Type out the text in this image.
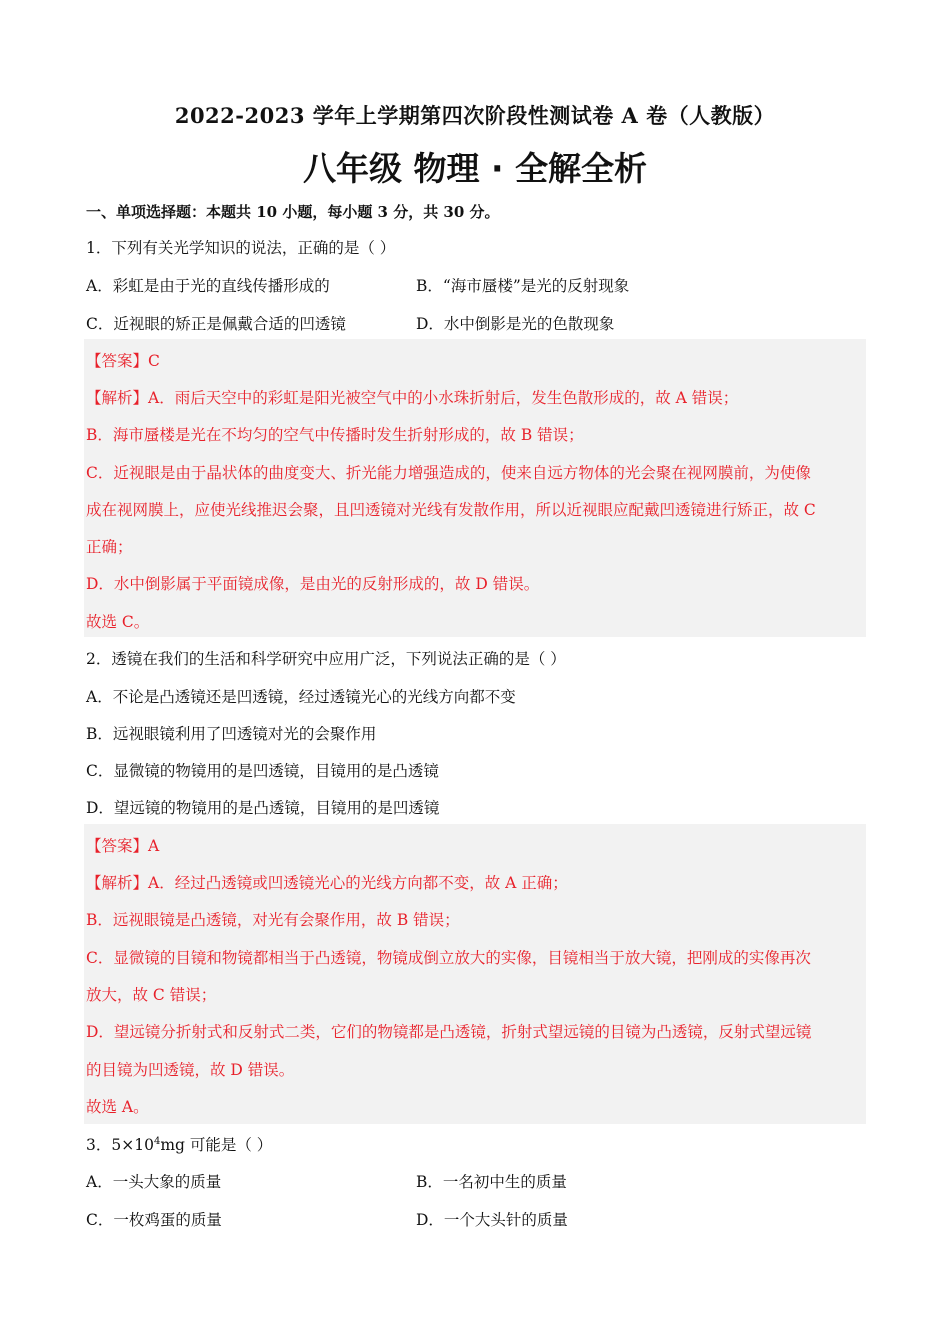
2022-2023 学年上学期第四次阶段性测试卷 A 卷（人教版）
八年级 物理 · 全解全析
一、单项选择题：本题共 10 小题，每小题 3 分，共 30 分。
1．下列有关光学知识的说法，正确的是（ ）
A．彩虹是由于光的直线传播形成的	B．“海市蜃楼”是光的反射现象
C．近视眼的矫正是佩戴合适的凹透镜	D．水中倒影是光的色散现象
【答案】C
【解析】A．雨后天空中的彩虹是阳光被空气中的小水珠折射后，发生色散形成的，故 A 错误；
B．海市蜃楼是光在不均匀的空气中传播时发生折射形成的，故 B 错误；
C．近视眼是由于晶状体的曲度变大、折光能力增强造成的，使来自远方物体的光会聚在视网膜前，为使像
成在视网膜上，应使光线推迟会聚，且凹透镜对光线有发散作用，所以近视眼应配戴凹透镜进行矫正，故 C
正确；
D．水中倒影属于平面镜成像，是由光的反射形成的，故 D 错误。
故选 C。
2．透镜在我们的生活和科学研究中应用广泛，下列说法正确的是（ ）
A．不论是凸透镜还是凹透镜，经过透镜光心的光线方向都不变
B．远视眼镜利用了凹透镜对光的会聚作用
C．显微镜的物镜用的是凹透镜，目镜用的是凸透镜
D．望远镜的物镜用的是凸透镜，目镜用的是凹透镜
【答案】A
【解析】A．经过凸透镜或凹透镜光心的光线方向都不变，故 A 正确；
B．远视眼镜是凸透镜，对光有会聚作用，故 B 错误；
C．显微镜的目镜和物镜都相当于凸透镜，物镜成倒立放大的实像，目镜相当于放大镜，把刚成的实像再次
放大，故 C 错误；
D．望远镜分折射式和反射式二类，它们的物镜都是凸透镜，折射式望远镜的目镜为凸透镜，反射式望远镜
的目镜为凹透镜，故 D 错误。
故选 A。
3．$5\times 10^4mg$ 可能是（ ）
A．一头大象的质量	B．一名初中生的质量
C．一枚鸡蛋的质量	D．一个大头针的质量
